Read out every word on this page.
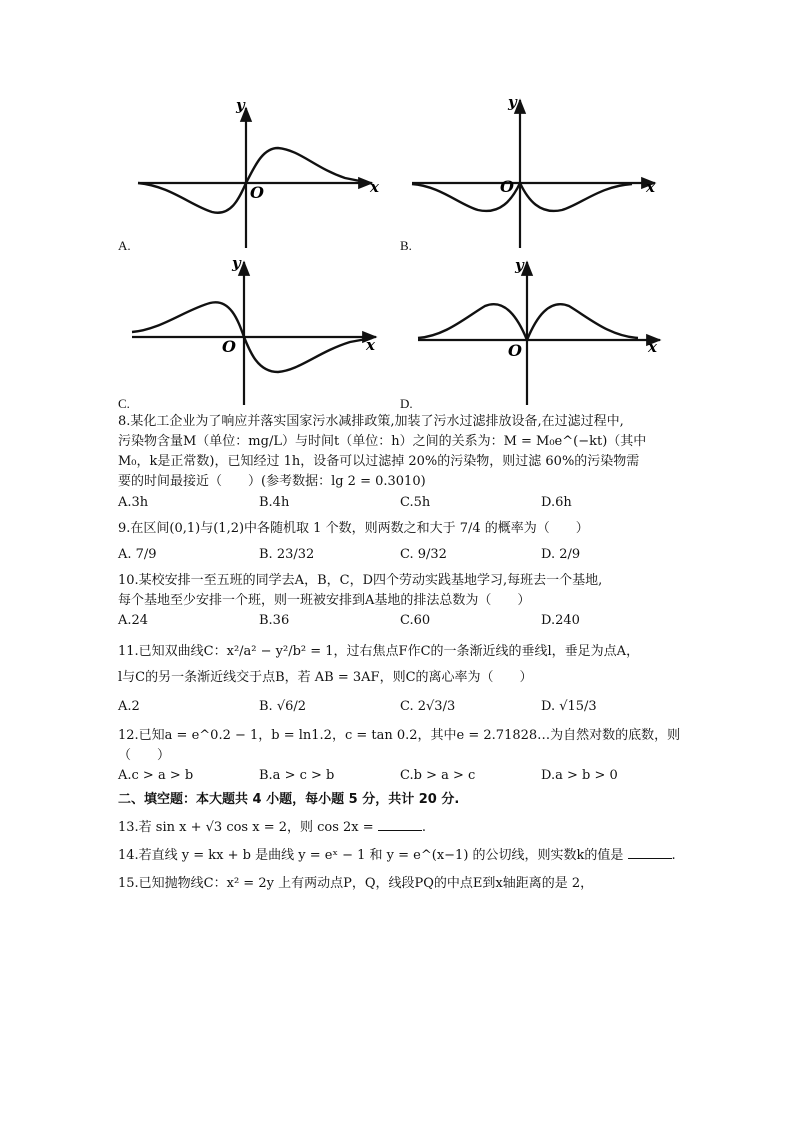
y
x
O
y
x
O
y
x
O
y
x
O
A.	B.
C.	D.
8.某化工企业为了响应并落实国家污水减排政策,加装了污水过滤排放设备,在过滤过程中,
污染物含量M（单位：mg/L）与时间t（单位：h）之间的关系为：M = M₀e^(−kt)（其中
M₀，k是正常数)，已知经过 1h，设备可以过滤掉 20%的污染物，则过滤 60%的污染物需
要的时间最接近（　　）(参考数据：lg 2 = 0.3010)
A.3h	B.4h	C.5h	D.6h
9.在区间(0,1)与(1,2)中各随机取 1 个数，则两数之和大于 7/4 的概率为（　　）
A. 7/9	B. 23/32	C. 9/32	D. 2/9
10.某校安排一至五班的同学去A，B，C，D四个劳动实践基地学习,每班去一个基地,
每个基地至少安排一个班，则一班被安排到A基地的排法总数为（　　）
A.24	B.36	C.60	D.240
11.已知双曲线C：x²/a² − y²/b² = 1，过右焦点F作C的一条渐近线的垂线l，垂足为点A，
l与C的另一条渐近线交于点B，若 AB = 3AF，则C的离心率为（　　）
A.2	B. √6/2	C. 2√3/3	D. √15/3
12.已知a = e^0.2 − 1，b = ln1.2，c = tan 0.2，其中e = 2.71828…为自然对数的底数，则
（　　）
A.c > a > b	B.a > c > b	C.b > a > c	D.a > b > 0
二、填空题：本大题共 4 小题，每小题 5 分，共计 20 分.
13.若 sin x + √3 cos x = 2，则 cos 2x =	.
14.若直线 y = kx + b 是曲线 y = eˣ − 1 和 y = e^(x−1) 的公切线，则实数k的值是	.
15.已知抛物线C：x² = 2y 上有两动点P，Q，线段PQ的中点E到x轴距离的是 2，
